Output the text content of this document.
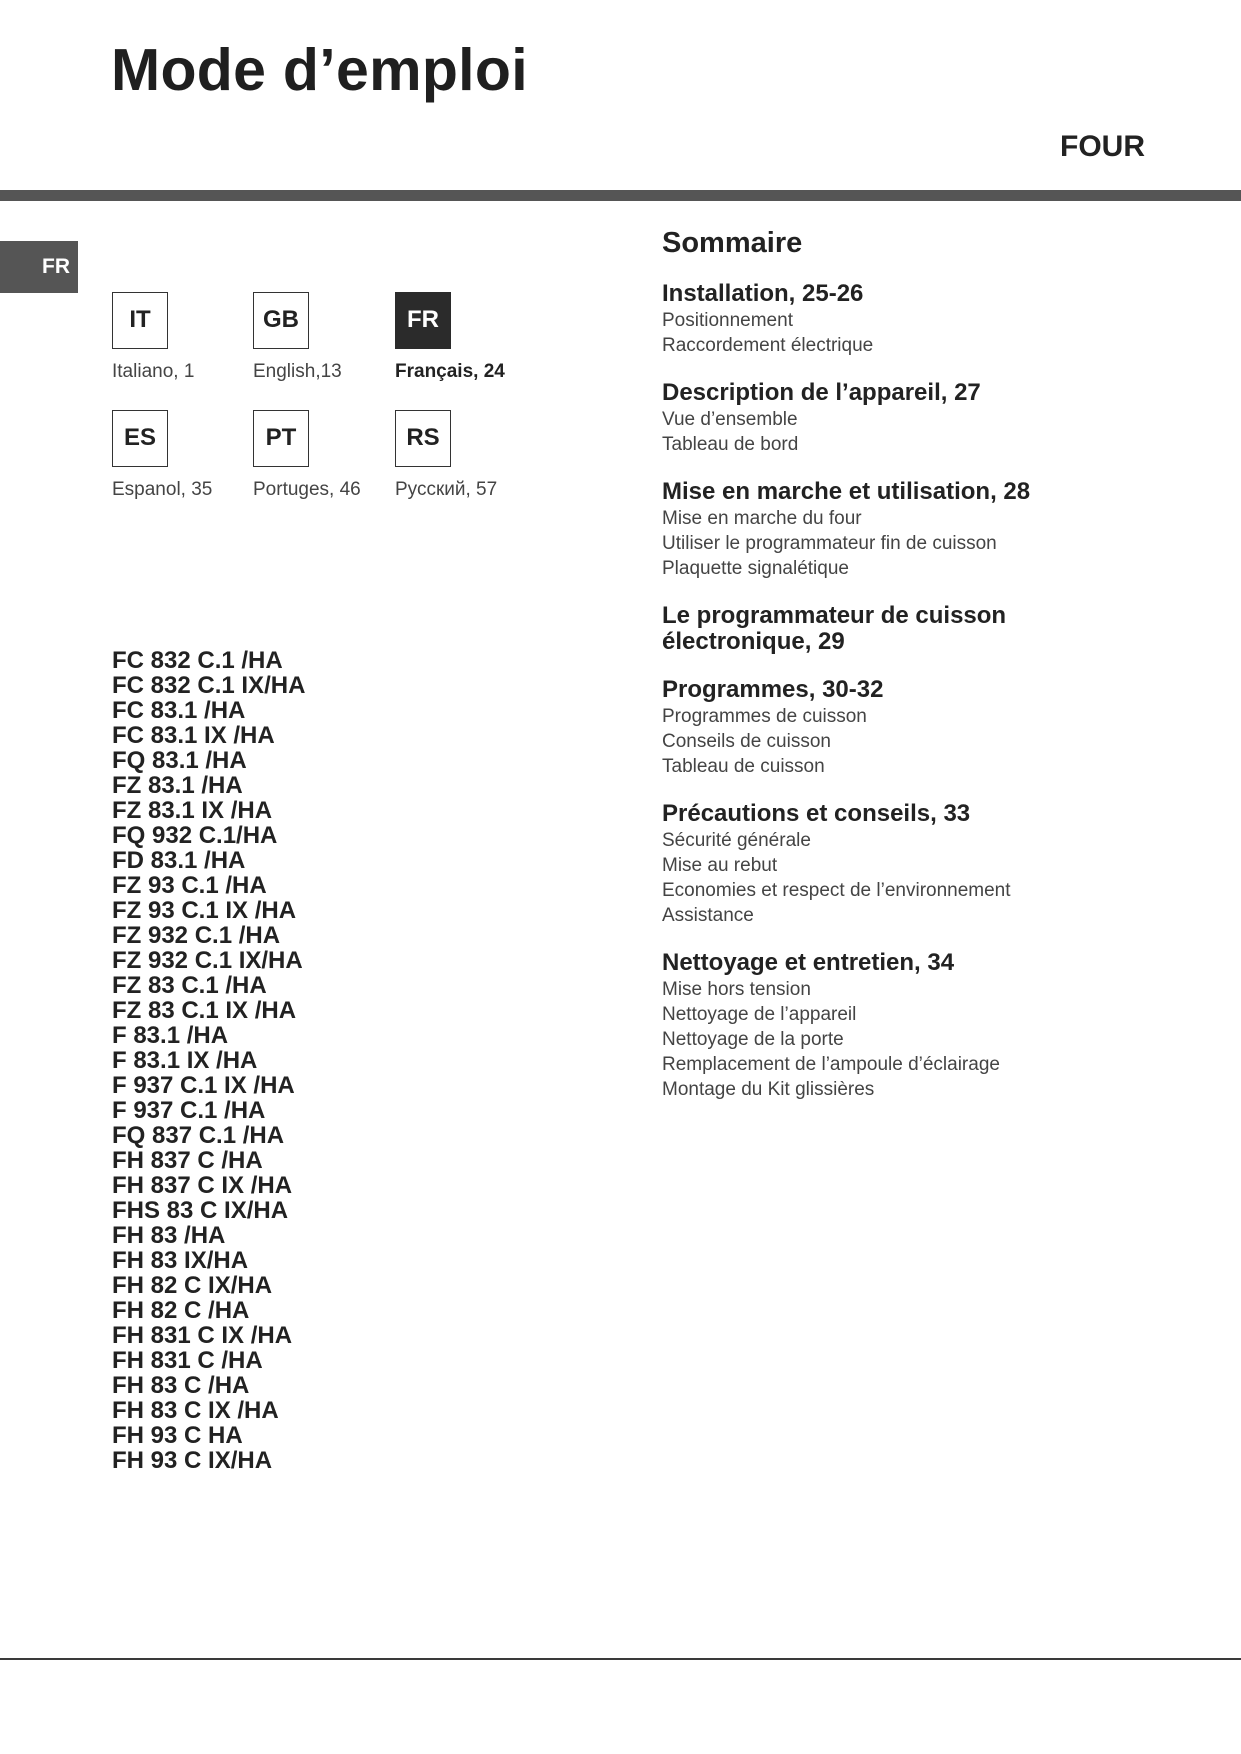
Mode d’emploi
FOUR
FR
IT
Italiano, 1
GB
English,13
FR
Français, 24
ES
Espanol, 35
PT
Portuges, 46
RS
Русский, 57
FC 832 C.1 /HA
FC 832 C.1 IX/HA
FC 83.1 /HA
FC 83.1 IX /HA
FQ 83.1 /HA
FZ 83.1 /HA
FZ 83.1 IX /HA
FQ 932 C.1/HA
FD 83.1 /HA
FZ 93 C.1 /HA
FZ 93 C.1 IX /HA
FZ 932 C.1 /HA
FZ 932 C.1 IX/HA
FZ 83 C.1 /HA
FZ 83 C.1 IX /HA
F 83.1 /HA
F 83.1 IX /HA
F 937 C.1 IX /HA
F 937 C.1 /HA
FQ 837 C.1 /HA
FH 837 C /HA
FH 837 C IX /HA
FHS 83 C IX/HA
FH 83 /HA
FH 83 IX/HA
FH 82 C IX/HA
FH 82 C /HA
FH 831 C IX /HA
FH 831 C /HA
FH 83 C /HA
FH 83 C IX /HA
FH 93 C HA
FH 93 C IX/HA
Sommaire
Installation, 25-26
Positionnement
Raccordement électrique
Description de l’appareil, 27
Vue d’ensemble
Tableau de bord
Mise en marche et utilisation, 28
Mise en marche du four
Utiliser le programmateur fin de cuisson
Plaquette signalétique
Le programmateur de cuisson électronique, 29
Programmes, 30-32
Programmes de cuisson
Conseils de cuisson
Tableau de cuisson
Précautions et conseils, 33
Sécurité générale
Mise au rebut
Economies et respect de l’environnement
Assistance
Nettoyage et entretien, 34
Mise hors tension
Nettoyage de l’appareil
Nettoyage de la porte
Remplacement de l’ampoule d’éclairage
Montage du Kit glissières
